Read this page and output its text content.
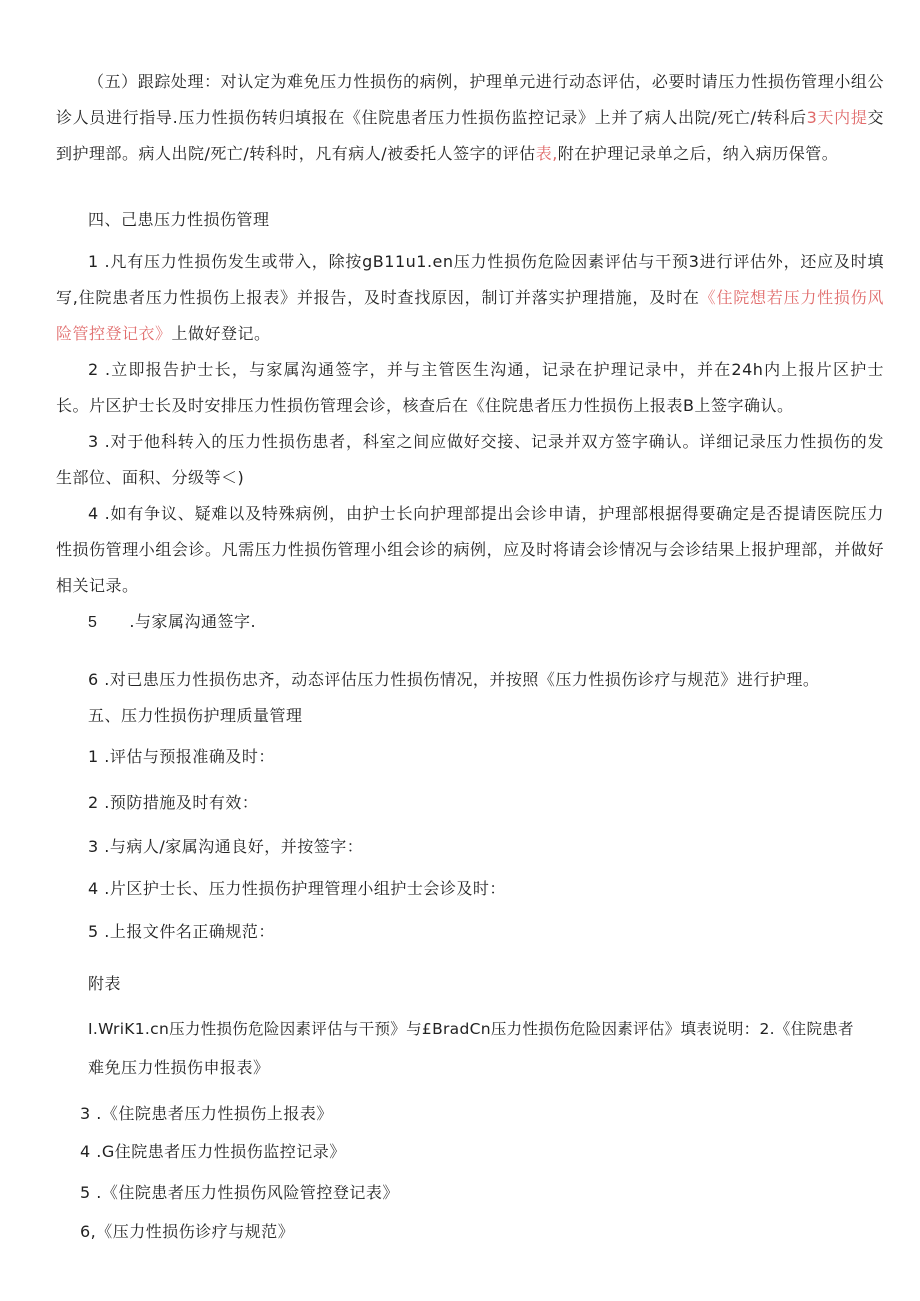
（五）跟踪处理：对认定为难免压力性损伤的病例，护理单元进行动态评估，必要时请压力性损伤管理小组公诊人员进行指导.压力性损伤转归填报在《住院患者压力性损伤监控记录》上并了病人出院/死亡/转科后3天内提交到护理部。病人出院/死亡/转科时，凡有病人/被委托人签字的评估表,附在护理记录单之后，纳入病历保管。

四、己患压力性损伤管理

1 .凡有压力性损伤发生或带入，除按gB11u1.en压力性损伤危险因素评估与干预3进行评估外，还应及时填写,住院患者压力性损伤上报表》并报告，及时查找原因，制订并落实护理措施，及时在《住院想若压力性损伤风险管控登记衣》上做好登记。

2 .立即报告护士长，与家属沟通签字，并与主管医生沟通，记录在护理记录中，并在24h内上报片区护士长。片区护士长及时安排压力性损伤管理会诊，核查后在《住院患者压力性损伤上报表B上签字确认。

3 .对于他科转入的压力性损伤患者，科室之间应做好交接、记录并双方签字确认。详细记录压力性损伤的发生部位、面积、分级等＜)

4 .如有争议、疑难以及特殊病例，由护士长向护理部提出会诊申请，护理部根据得要确定是否提请医院压力性损伤管理小组会诊。凡需压力性损伤管理小组会诊的病例，应及时将请会诊情况与会诊结果上报护理部，并做好相关记录。

5 .与家属沟通签字.

6 .对已患压力性损伤忠齐，动态评估压力性损伤情况，并按照《压力性损伤诊疗与规范》进行护理。

五、压力性损伤护理质量管理

1 .评估与预报准确及时：

2 .预防措施及时有效：

3 .与病人/家属沟通良好，并按签字：

4 .片区护士长、压力性损伤护理管理小组护士会诊及时：

5 .上报文件名正确规范：

附表

I.WriK1.cn压力性损伤危险因素评估与干预》与£BradCn压力性损伤危险因素评估》填表说明：2.《住院患者

难免压力性损伤申报表》

3 .《住院患者压力性损伤上报表》

4 .G住院患者压力性损伤监控记录》

5 .《住院患者压力性损伤风险管控登记表》

6,《压力性损伤诊疗与规范》
